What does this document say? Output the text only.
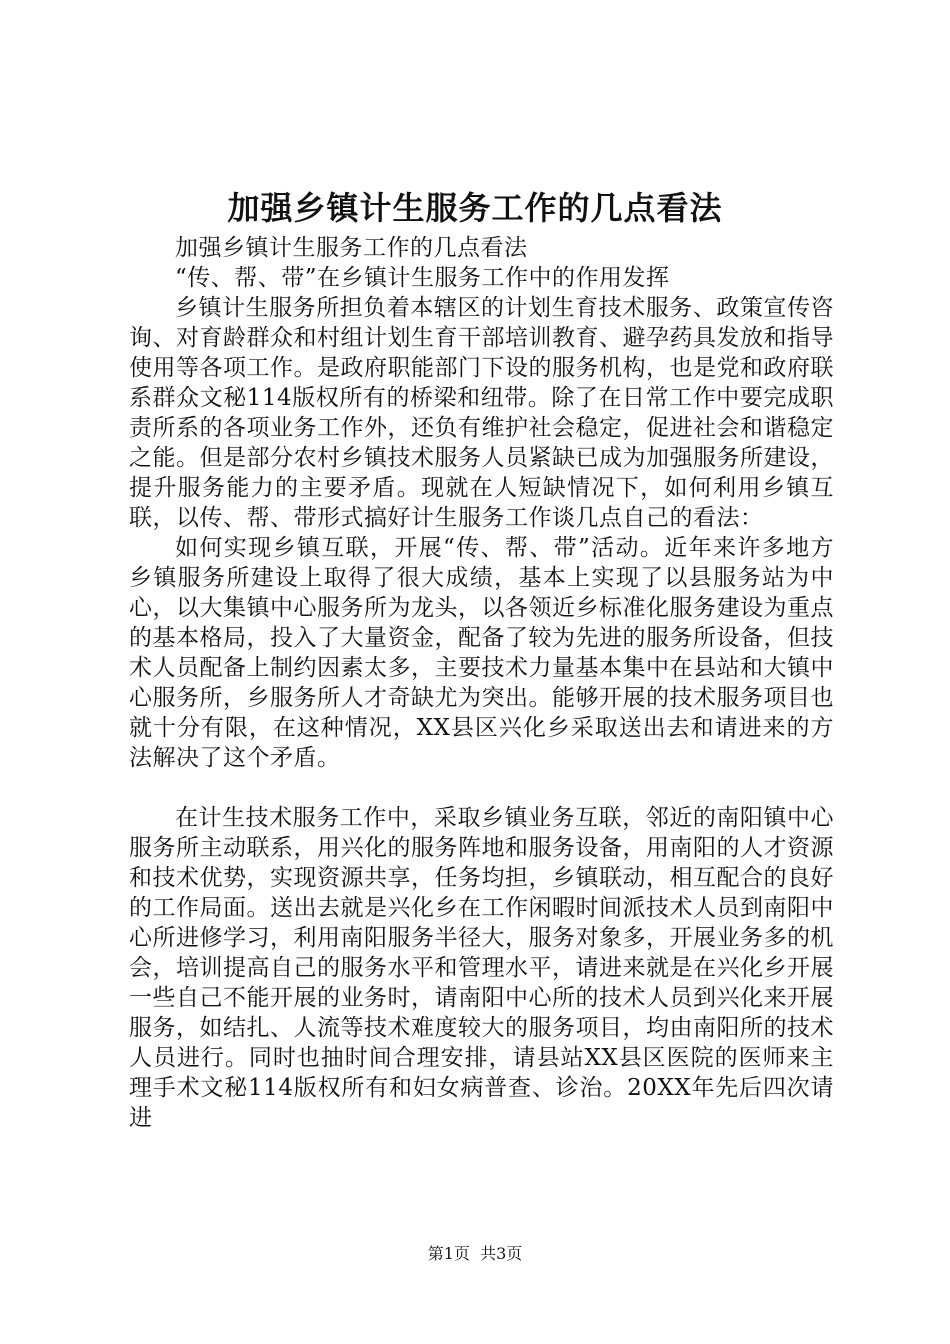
加强乡镇计生服务工作的几点看法

加强乡镇计生服务工作的几点看法

“传、帮、带”在乡镇计生服务工作中的作用发挥

乡镇计生服务所担负着本辖区的计划生育技术服务、政策宣传咨询、对育龄群众和村组计划生育干部培训教育、避孕药具发放和指导使用等各项工作。是政府职能部门下设的服务机构，也是党和政府联系群众文秘114版权所有的桥梁和纽带。除了在日常工作中要完成职责所系的各项业务工作外，还负有维护社会稳定，促进社会和谐稳定之能。但是部分农村乡镇技术服务人员紧缺已成为加强服务所建设，提升服务能力的主要矛盾。现就在人短缺情况下，如何利用乡镇互联，以传、帮、带形式搞好计生服务工作谈几点自己的看法：

如何实现乡镇互联，开展“传、帮、带”活动。近年来许多地方乡镇服务所建设上取得了很大成绩，基本上实现了以县服务站为中心，以大集镇中心服务所为龙头，以各领近乡标准化服务建设为重点的基本格局，投入了大量资金，配备了较为先进的服务所设备，但技术人员配备上制约因素太多，主要技术力量基本集中在县站和大镇中心服务所，乡服务所人才奇缺尤为突出。能够开展的技术服务项目也就十分有限，在这种情况，XX县区兴化乡采取送出去和请进来的方法解决了这个矛盾。

在计生技术服务工作中，采取乡镇业务互联，邻近的南阳镇中心服务所主动联系，用兴化的服务阵地和服务设备，用南阳的人才资源和技术优势，实现资源共享，任务均担，乡镇联动，相互配合的良好的工作局面。送出去就是兴化乡在工作闲暇时间派技术人员到南阳中心所进修学习，利用南阳服务半径大，服务对象多，开展业务多的机会，培训提高自己的服务水平和管理水平，请进来就是在兴化乡开展一些自己不能开展的业务时，请南阳中心所的技术人员到兴化来开展服务，如结扎、人流等技术难度较大的服务项目，均由南阳所的技术人员进行。同时也抽时间合理安排，请县站XX县区医院的医师来主理手术文秘114版权所有和妇女病普查、诊治。20XX年先后四次请进

第1页  共3页
